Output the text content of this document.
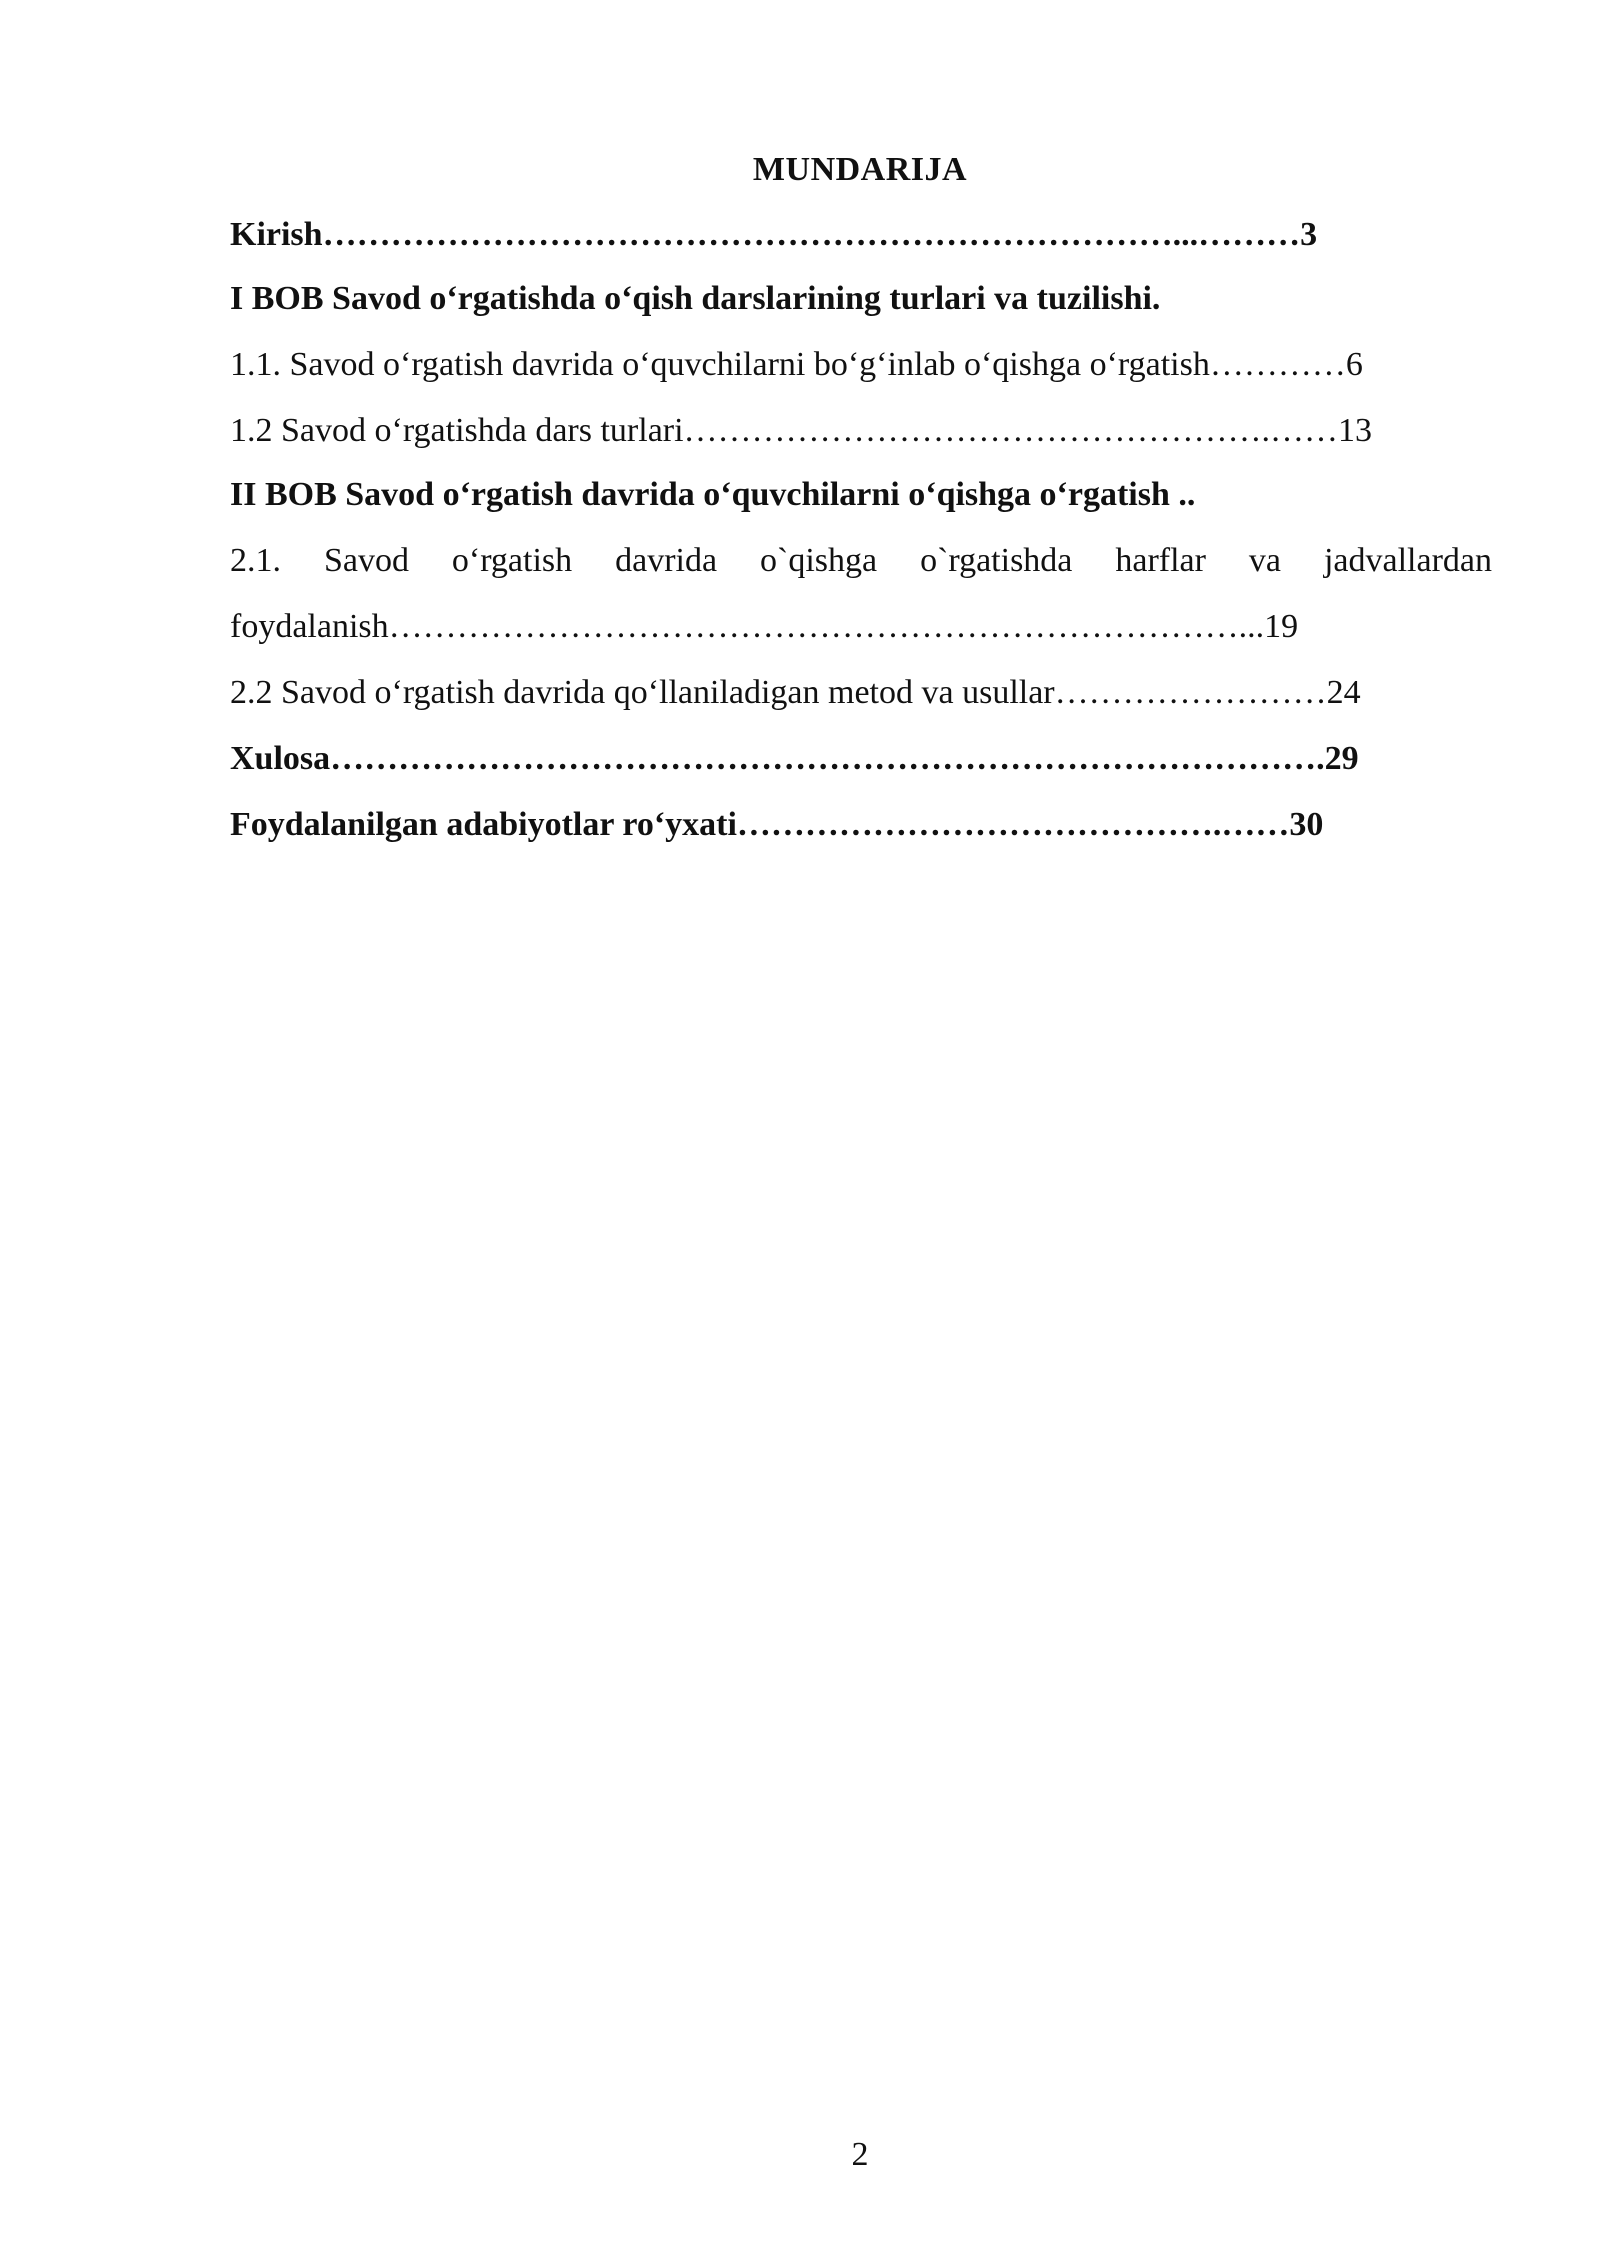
MUNDARIJA
Kirish…………………………………………………………………...………3
I BOB Savod o‘rgatishda o‘qish darslarining turlari va tuzilishi.
1.1. Savod o‘rgatish davrida o‘quvchilarni bo‘g‘inlab o‘qishga o‘rgatish…………6
1.2 Savod o‘rgatishda dars turlari…………………………………………….……13
II BOB Savod o‘rgatish davrida o‘quvchilarni o‘qishga o‘rgatish ..
2.1. Savod o‘rgatish davrida o`qishga o`rgatishda harflar va jadvallardan
foydalanish…………………………………………………………………...19
2.2 Savod o‘rgatish davrida qo‘llaniladigan metod va usullar……………………24
Xulosa…………………………………………………………………………….29
Foydalanilgan adabiyotlar ro‘yxati…………………………………….……30
2
